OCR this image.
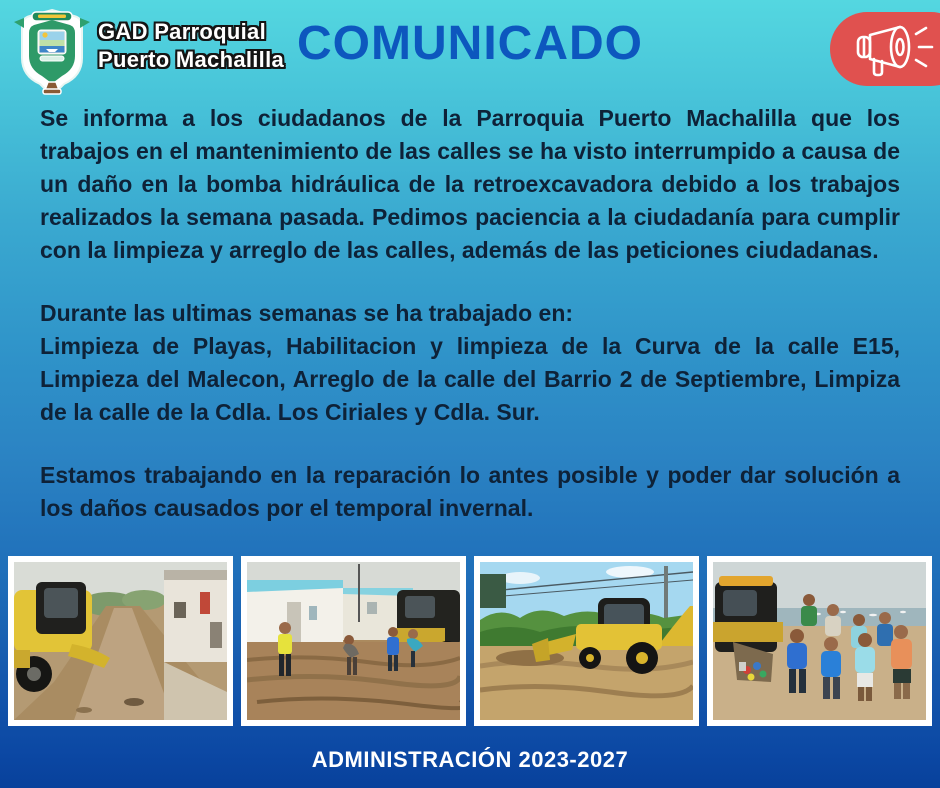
GAD Parroquial
Puerto Machalilla COMUNICADO
Se informa a los ciudadanos de la Parroquia Puerto Machalilla que los trabajos en el mantenimiento de las calles se ha visto interrumpido a causa de un daño en la bomba hidráulica de la retroexcavadora debido a los trabajos realizados la semana pasada. Pedimos paciencia a la ciudadanía para cumplir con la limpieza y arreglo de las calles, además de las peticiones ciudadanas.
Durante las ultimas semanas se ha trabajado en:
Limpieza de Playas, Habilitacion y limpieza de la Curva de la calle E15, Limpieza del Malecon, Arreglo de la calle del Barrio 2 de Septiembre, Limpiza de la calle de la Cdla. Los Ciriales y Cdla. Sur.
Estamos trabajando en la reparación lo antes posible y poder dar solución a los daños causados por el temporal invernal.
ADMINISTRACIÓN 2023-2027
